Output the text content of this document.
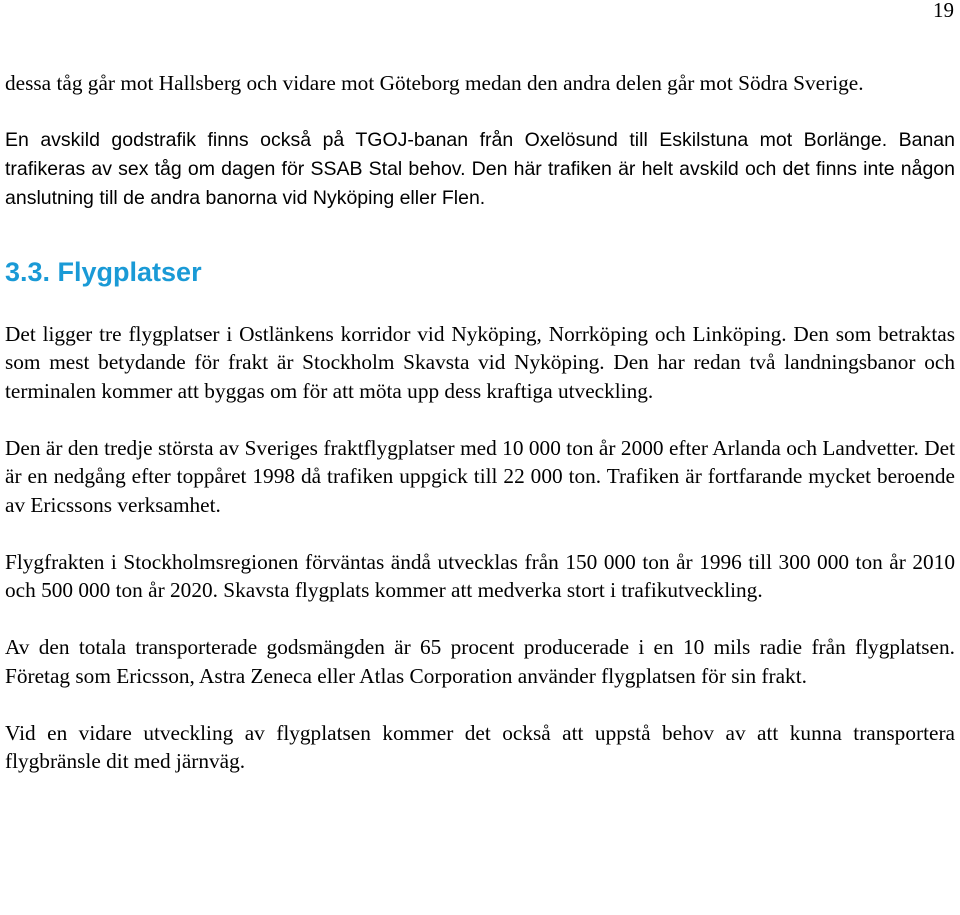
19

dessa tåg går mot Hallsberg och vidare mot Göteborg medan den andra delen går mot Södra Sverige.

En avskild godstrafik finns också på TGOJ-banan från Oxelösund till Eskilstuna mot Borlänge. Banan trafikeras av sex tåg om dagen för SSAB Stal behov. Den här trafiken är helt avskild och det finns inte någon anslutning till de andra banorna vid Nyköping eller Flen.

3.3. Flygplatser

Det ligger tre flygplatser i Ostlänkens korridor vid Nyköping, Norrköping och Linköping. Den som betraktas som mest betydande för frakt är Stockholm Skavsta vid Nyköping. Den har redan två landningsbanor och terminalen kommer att byggas om för att möta upp dess kraftiga utveckling.

Den är den tredje största av Sveriges fraktflygplatser med 10 000 ton år 2000 efter Arlanda och Landvetter. Det är en nedgång efter toppåret 1998 då trafiken uppgick till 22 000 ton. Trafiken är fortfarande mycket beroende av Ericssons verksamhet.

Flygfrakten i Stockholmsregionen förväntas ändå utvecklas från 150 000 ton år 1996 till 300 000 ton år 2010 och 500 000 ton år 2020. Skavsta flygplats kommer att medverka stort i trafikutveckling.

Av den totala transporterade godsmängden är 65 procent producerade i en 10 mils radie från flygplatsen. Företag som Ericsson, Astra Zeneca eller Atlas Corporation använder flygplatsen för sin frakt.

Vid en vidare utveckling av flygplatsen kommer det också att uppstå behov av att kunna transportera flygbränsle dit med järnväg.
